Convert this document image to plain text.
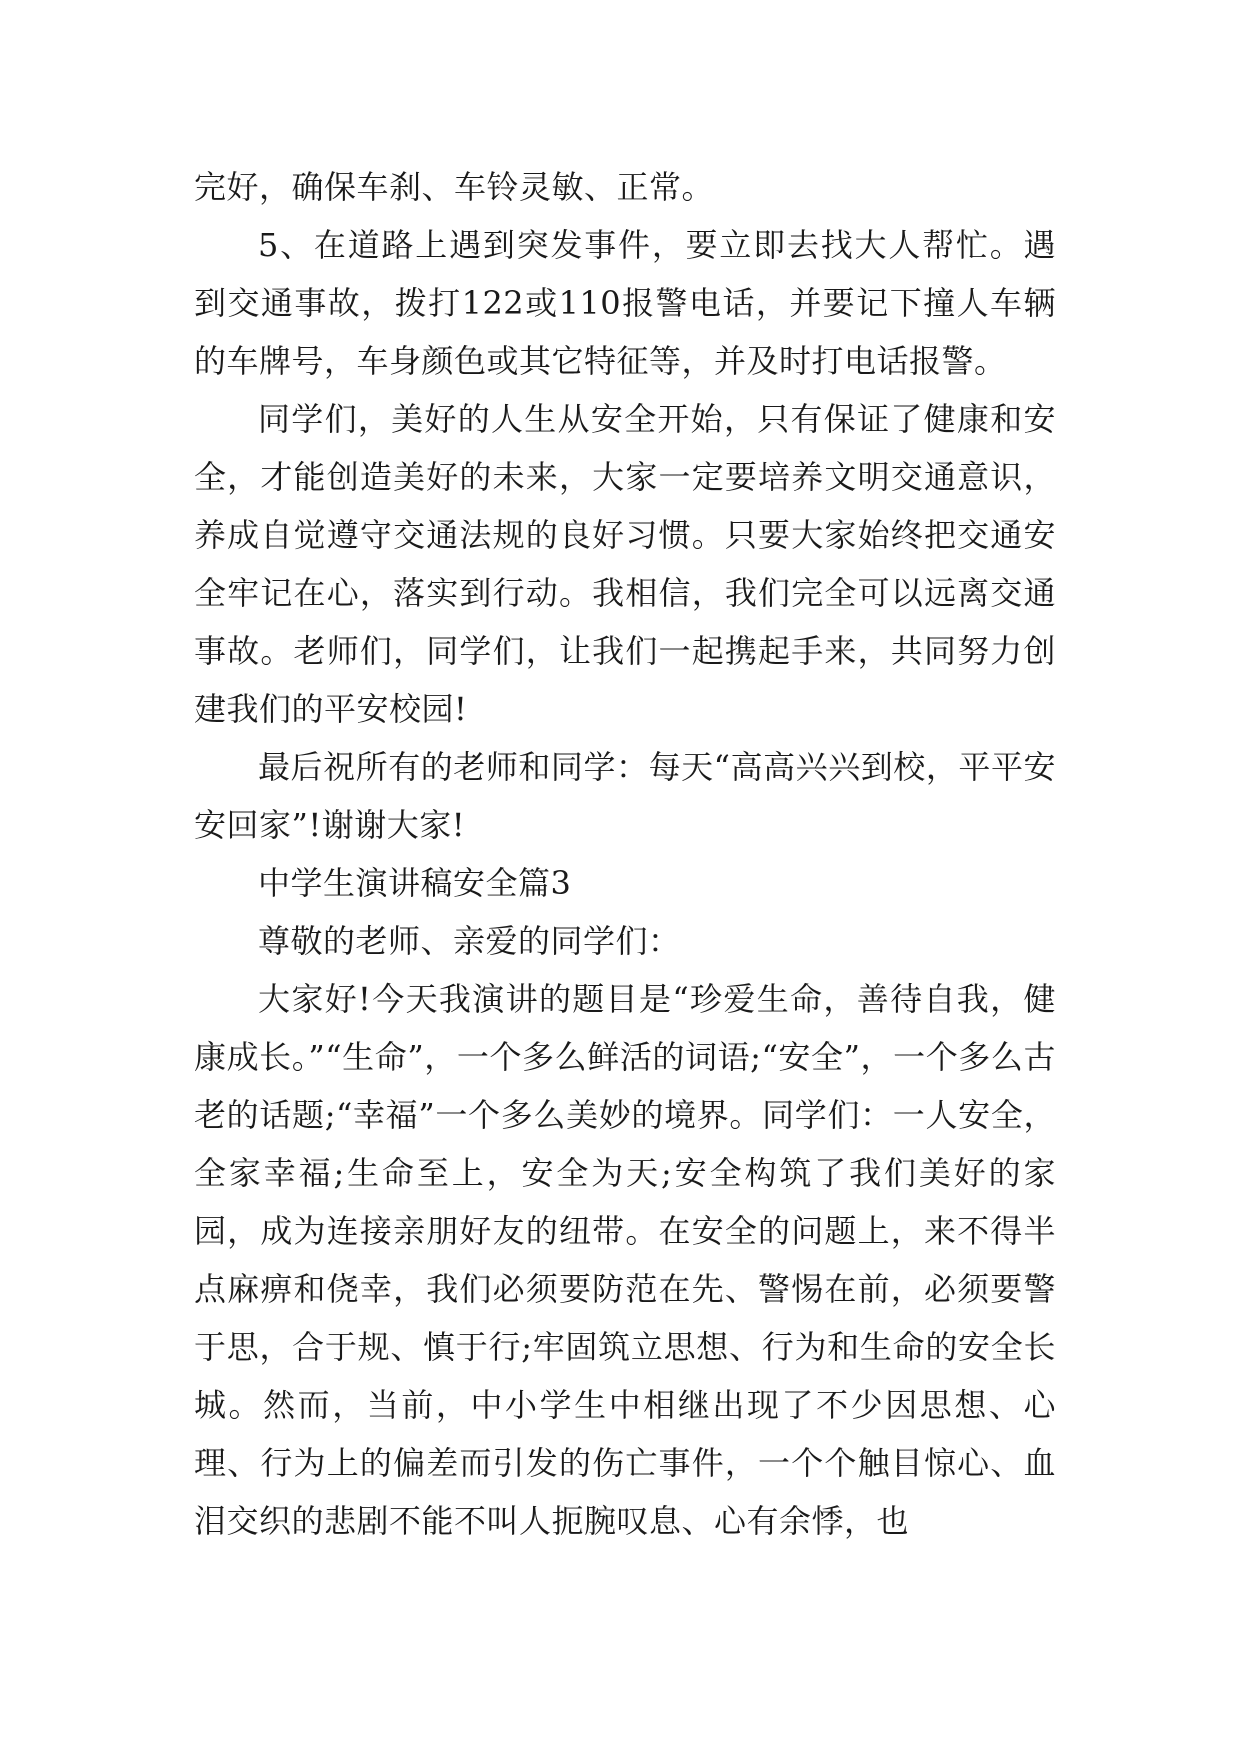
完好，确保车刹、车铃灵敏、正常。

5、在道路上遇到突发事件，要立即去找大人帮忙。遇到交通事故，拨打122或110报警电话，并要记下撞人车辆的车牌号，车身颜色或其它特征等，并及时打电话报警。

同学们，美好的人生从安全开始，只有保证了健康和安全，才能创造美好的未来，大家一定要培养文明交通意识，养成自觉遵守交通法规的良好习惯。只要大家始终把交通安全牢记在心，落实到行动。我相信，我们完全可以远离交通事故。老师们，同学们，让我们一起携起手来，共同努力创建我们的平安校园!

最后祝所有的老师和同学：每天“高高兴兴到校，平平安安回家”!谢谢大家!

中学生演讲稿安全篇3

尊敬的老师、亲爱的同学们：

大家好!今天我演讲的题目是“珍爱生命，善待自我，健康成长。”“生命”，一个多么鲜活的词语;“安全”，一个多么古老的话题;“幸福”一个多么美妙的境界。同学们：一人安全，全家幸福;生命至上，安全为天;安全构筑了我们美好的家园，成为连接亲朋好友的纽带。在安全的问题上，来不得半点麻痹和侥幸，我们必须要防范在先、警惕在前，必须要警于思，合于规、慎于行;牢固筑立思想、行为和生命的安全长城。然而，当前，中小学生中相继出现了不少因思想、心理、行为上的偏差而引发的伤亡事件，一个个触目惊心、血泪交织的悲剧不能不叫人扼腕叹息、心有余悸，也
